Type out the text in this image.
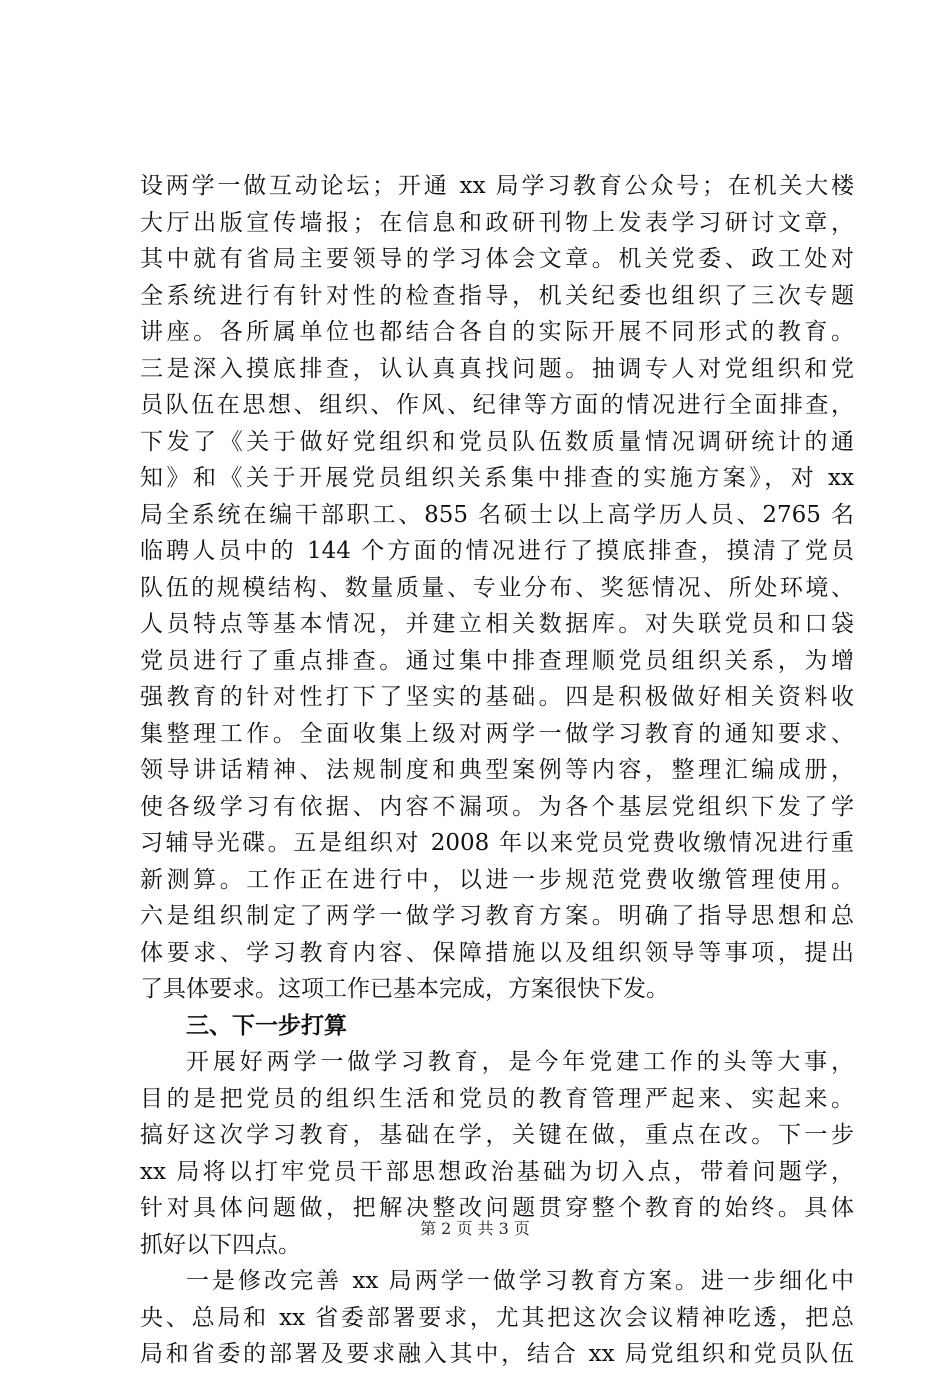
设两学一做互动论坛；开通 xx 局学习教育公众号；在机关大楼
大厅出版宣传墙报；在信息和政研刊物上发表学习研讨文章，
其中就有省局主要领导的学习体会文章。机关党委、政工处对
全系统进行有针对性的检查指导，机关纪委也组织了三次专题
讲座。各所属单位也都结合各自的实际开展不同形式的教育。
三是深入摸底排查，认认真真找问题。抽调专人对党组织和党
员队伍在思想、组织、作风、纪律等方面的情况进行全面排查，
下发了《关于做好党组织和党员队伍数质量情况调研统计的通
知》和《关于开展党员组织关系集中排查的实施方案》，对 xx
局全系统在编干部职工、855 名硕士以上高学历人员、2765 名
临聘人员中的 144 个方面的情况进行了摸底排查，摸清了党员
队伍的规模结构、数量质量、专业分布、奖惩情况、所处环境、
人员特点等基本情况，并建立相关数据库。对失联党员和口袋
党员进行了重点排查。通过集中排查理顺党员组织关系，为增
强教育的针对性打下了坚实的基础。四是积极做好相关资料收
集整理工作。全面收集上级对两学一做学习教育的通知要求、
领导讲话精神、法规制度和典型案例等内容，整理汇编成册，
使各级学习有依据、内容不漏项。为各个基层党组织下发了学
习辅导光碟。五是组织对 2008 年以来党员党费收缴情况进行重
新测算。工作正在进行中，以进一步规范党费收缴管理使用。
六是组织制定了两学一做学习教育方案。明确了指导思想和总
体要求、学习教育内容、保障措施以及组织领导等事项，提出
了具体要求。这项工作已基本完成，方案很快下发。
三、下一步打算
开展好两学一做学习教育，是今年党建工作的头等大事，
目的是把党员的组织生活和党员的教育管理严起来、实起来。
搞好这次学习教育，基础在学，关键在做，重点在改。下一步
xx 局将以打牢党员干部思想政治基础为切入点，带着问题学，
针对具体问题做，把解决整改问题贯穿整个教育的始终。具体
抓好以下四点。
一是修改完善 xx 局两学一做学习教育方案。进一步细化中
央、总局和 xx 省委部署要求，尤其把这次会议精神吃透，把总
局和省委的部署及要求融入其中，结合 xx 局党组织和党员队伍
第 2 页 共 3 页
